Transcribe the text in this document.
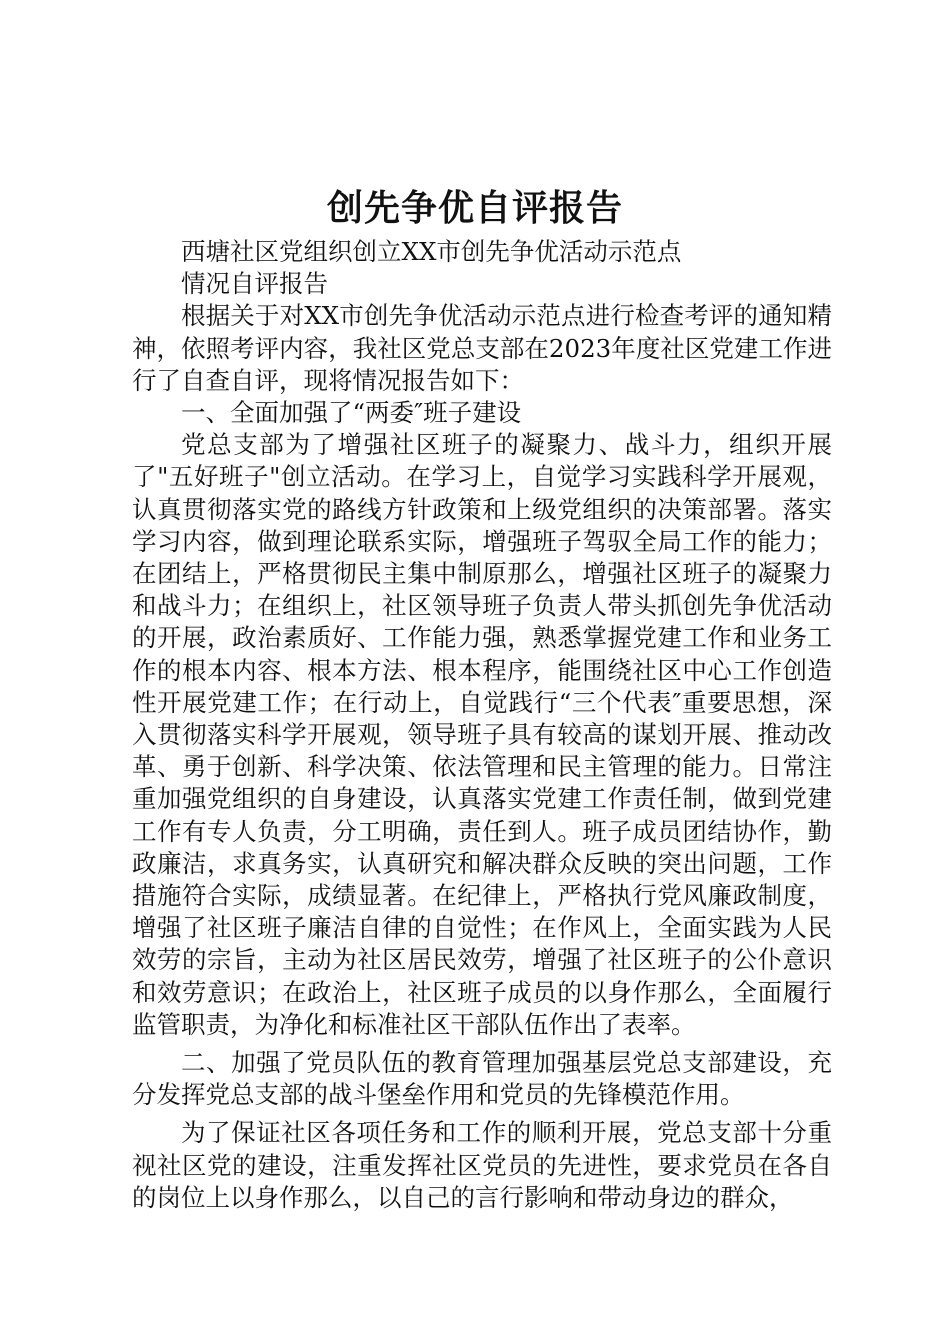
创先争优自评报告

西塘社区党组织创立XX市创先争优活动示范点

情况自评报告

根据关于对XX市创先争优活动示范点进行检查考评的通知精神，依照考评内容，我社区党总支部在2023年度社区党建工作进行了自查自评，现将情况报告如下：

一、全面加强了“两委″班子建设

党总支部为了增强社区班子的凝聚力、战斗力，组织开展了"五好班子"创立活动。在学习上，自觉学习实践科学开展观，认真贯彻落实党的路线方针政策和上级党组织的决策部署。落实学习内容，做到理论联系实际，增强班子驾驭全局工作的能力；在团结上，严格贯彻民主集中制原那么，增强社区班子的凝聚力和战斗力；在组织上，社区领导班子负责人带头抓创先争优活动的开展，政治素质好、工作能力强，熟悉掌握党建工作和业务工作的根本内容、根本方法、根本程序，能围绕社区中心工作创造性开展党建工作；在行动上，自觉践行“三个代表″重要思想，深入贯彻落实科学开展观，领导班子具有较高的谋划开展、推动改革、勇于创新、科学决策、依法管理和民主管理的能力。日常注重加强党组织的自身建设，认真落实党建工作责任制，做到党建工作有专人负责，分工明确，责任到人。班子成员团结协作，勤政廉洁，求真务实，认真研究和解决群众反映的突出问题，工作措施符合实际，成绩显著。在纪律上，严格执行党风廉政制度，增强了社区班子廉洁自律的自觉性；在作风上，全面实践为人民效劳的宗旨，主动为社区居民效劳，增强了社区班子的公仆意识和效劳意识；在政治上，社区班子成员的以身作那么，全面履行监管职责，为净化和标准社区干部队伍作出了表率。

二、加强了党员队伍的教育管理加强基层党总支部建设，充分发挥党总支部的战斗堡垒作用和党员的先锋模范作用。

为了保证社区各项任务和工作的顺利开展，党总支部十分重视社区党的建设，注重发挥社区党员的先进性，要求党员在各自的岗位上以身作那么，以自己的言行影响和带动身边的群众，
